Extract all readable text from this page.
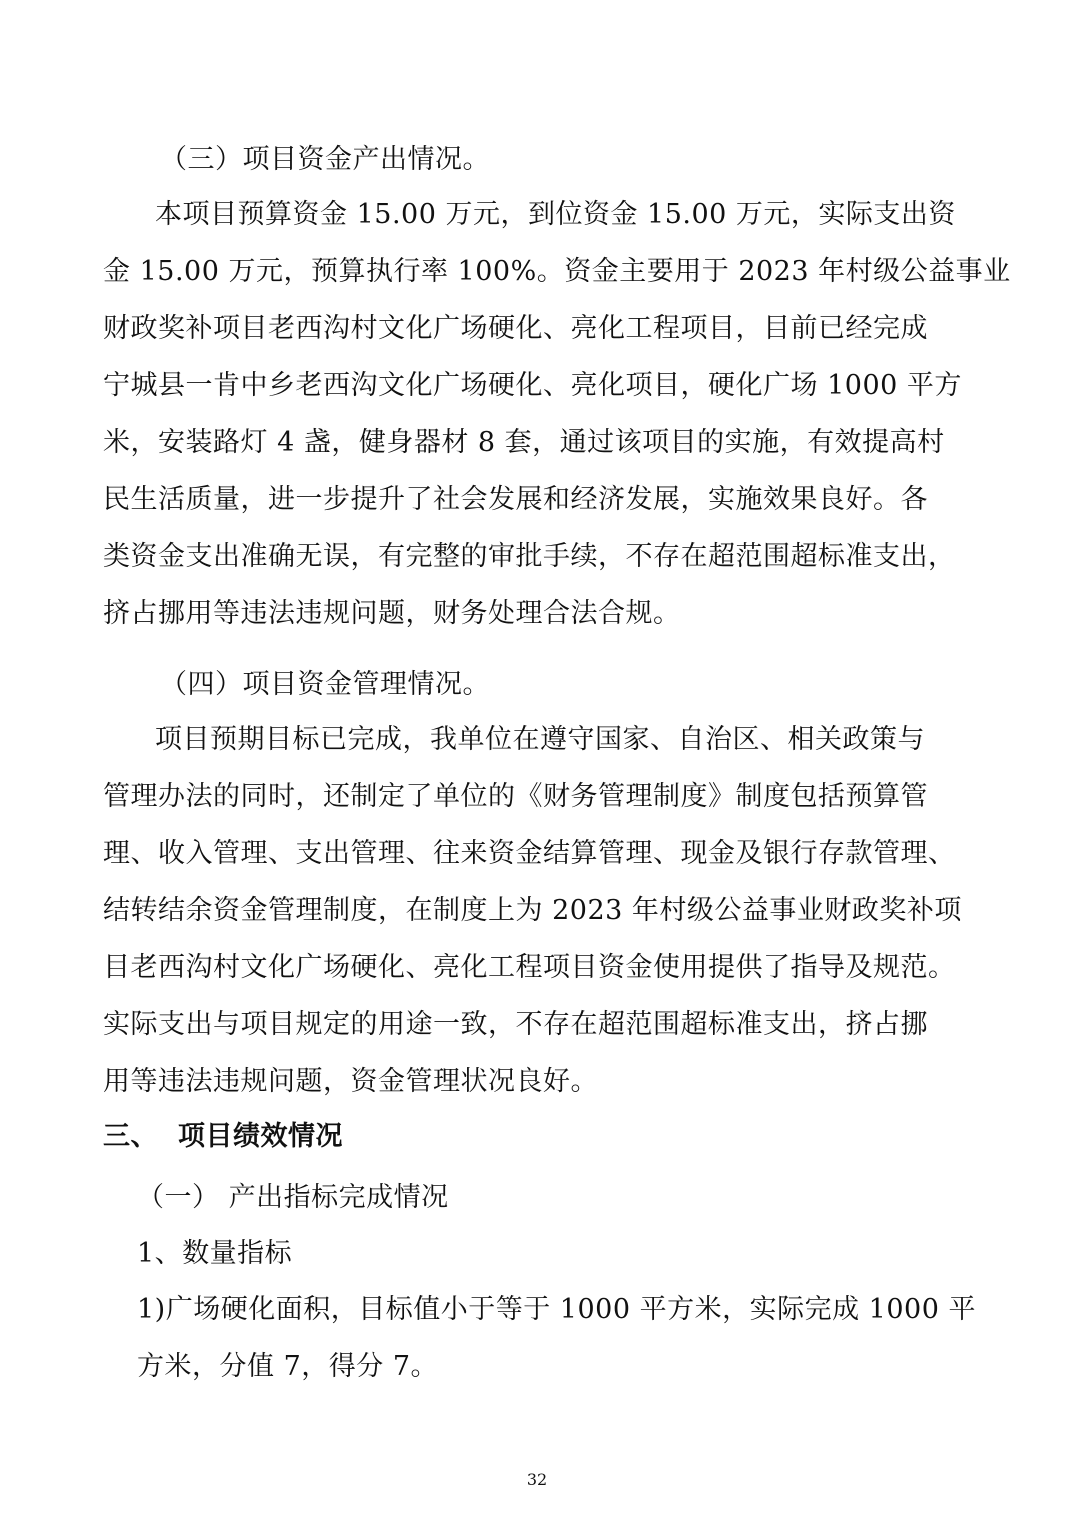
（三）项目资金产出情况。
本项目预算资金 15.00 万元，到位资金 15.00 万元，实际支出资
金 15.00 万元，预算执行率 100%。资金主要用于 2023 年村级公益事业
财政奖补项目老西沟村文化广场硬化、亮化工程项目，目前已经完成
宁城县一肯中乡老西沟文化广场硬化、亮化项目，硬化广场 1000 平方
米，安装路灯 4 盏，健身器材 8 套，通过该项目的实施，有效提高村
民生活质量，进一步提升了社会发展和经济发展，实施效果良好。各
类资金支出准确无误，有完整的审批手续，不存在超范围超标准支出，
挤占挪用等违法违规问题，财务处理合法合规。
（四）项目资金管理情况。
项目预期目标已完成，我单位在遵守国家、自治区、相关政策与
管理办法的同时，还制定了单位的《财务管理制度》制度包括预算管
理、收入管理、支出管理、往来资金结算管理、现金及银行存款管理、
结转结余资金管理制度，在制度上为 2023 年村级公益事业财政奖补项
目老西沟村文化广场硬化、亮化工程项目资金使用提供了指导及规范。
实际支出与项目规定的用途一致，不存在超范围超标准支出，挤占挪
用等违法违规问题，资金管理状况良好。
三、 项目绩效情况
（一） 产出指标完成情况
1、数量指标
1)广场硬化面积，目标值小于等于 1000 平方米，实际完成 1000 平
方米，分值 7，得分 7。
32
